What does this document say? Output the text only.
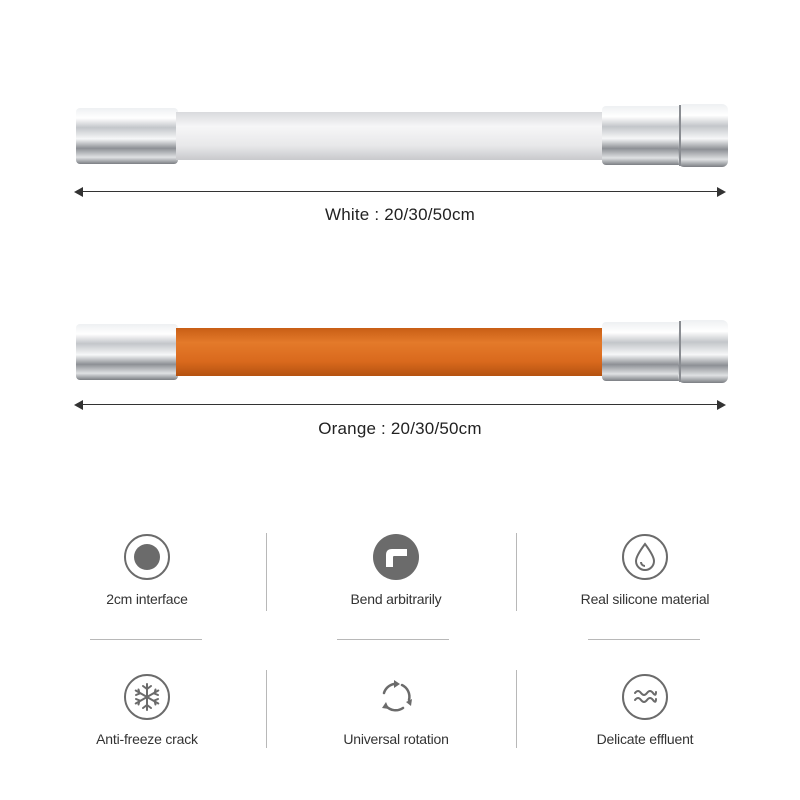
White : 20/30/50cm
Orange : 20/30/50cm
2cm interface	Bend arbitrarily	Real silicone material
Anti-freeze crack	Universal rotation	Delicate effluent
